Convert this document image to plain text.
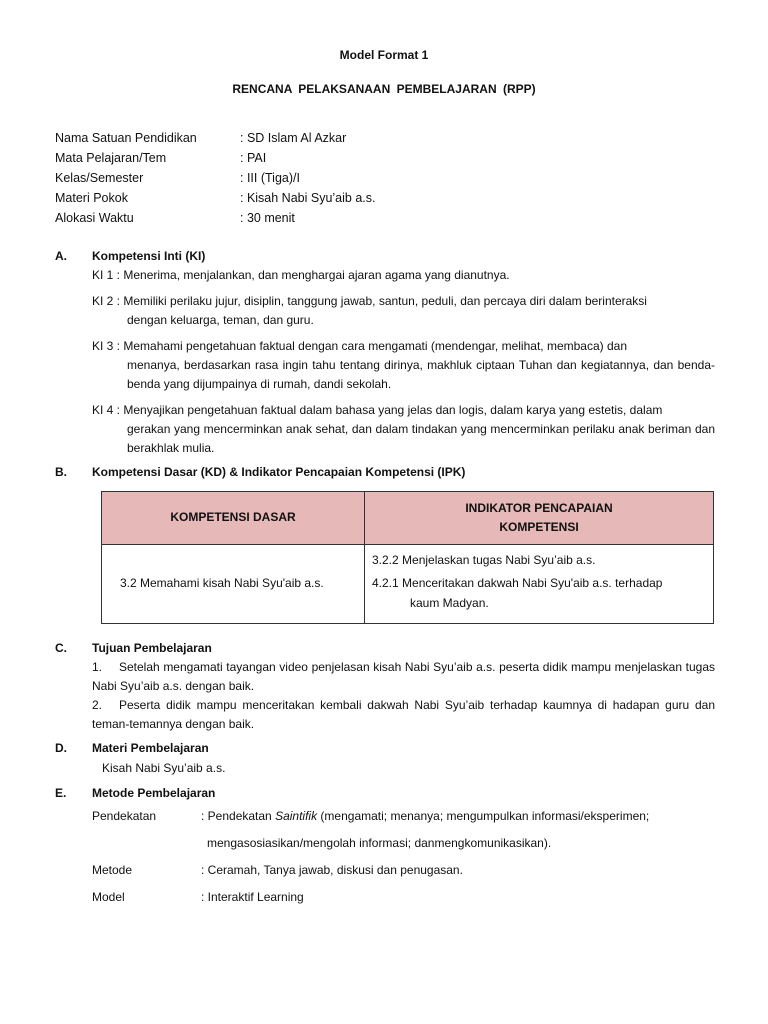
Model Format 1
RENCANA PELAKSANAAN PEMBELAJARAN (RPP)
Nama Satuan Pendidikan	: SD Islam Al Azkar
Mata Pelajaran/Tem	: PAI
Kelas/Semester	: III (Tiga)/I
Materi Pokok	: Kisah Nabi Syu’aib a.s.
Alokasi Waktu	: 30 menit
A.	Kompetensi Inti (KI)
KI 1 : Menerima, menjalankan, dan menghargai ajaran agama yang dianutnya.
KI 2 : Memiliki perilaku jujur, disiplin, tanggung jawab, santun, peduli, dan percaya diri dalam berinteraksi
dengan keluarga, teman, dan guru.
KI 3 : Memahami pengetahuan faktual dengan cara mengamati (mendengar, melihat, membaca) dan
menanya, berdasarkan rasa ingin tahu tentang dirinya, makhluk ciptaan Tuhan dan kegiatannya, dan benda-benda yang dijumpainya di rumah, dandi sekolah.
KI 4 : Menyajikan pengetahuan faktual dalam bahasa yang jelas dan logis, dalam karya yang estetis, dalam
gerakan yang mencerminkan anak sehat, dan dalam tindakan yang mencerminkan perilaku anak beriman dan berakhlak mulia.
B.	Kompetensi Dasar (KD) & Indikator Pencapaian Kompetensi (IPK)
KOMPETENSI DASAR	INDIKATOR PENCAPAIAN
KOMPETENSI

3.2 Memahami kisah Nabi Syu'aib a.s.	3.2.2 Menjelaskan tugas Nabi Syu’aib a.s.

4.2.1 Menceritakan dakwah Nabi Syu'aib a.s. terhadap

kaum Madyan.

C.	Tujuan Pembelajaran
1. Setelah mengamati tayangan video penjelasan kisah Nabi Syu’aib a.s. peserta didik mampu menjelaskan tugas Nabi Syu’aib a.s. dengan baik.
2. Peserta didik mampu menceritakan kembali dakwah Nabi Syu’aib terhadap kaumnya di hadapan guru dan teman-temannya dengan baik.
D.	Materi Pembelajaran
Kisah Nabi Syu’aib a.s.
E.	Metode Pembelajaran
Pendekatan	: Pendekatan Saintifik (mengamati; menanya; mengumpulkan informasi/eksperimen;
mengasosiasikan/mengolah informasi; danmengkomunikasikan).
Metode	: Ceramah, Tanya jawab, diskusi dan penugasan.
Model	: Interaktif Learning
